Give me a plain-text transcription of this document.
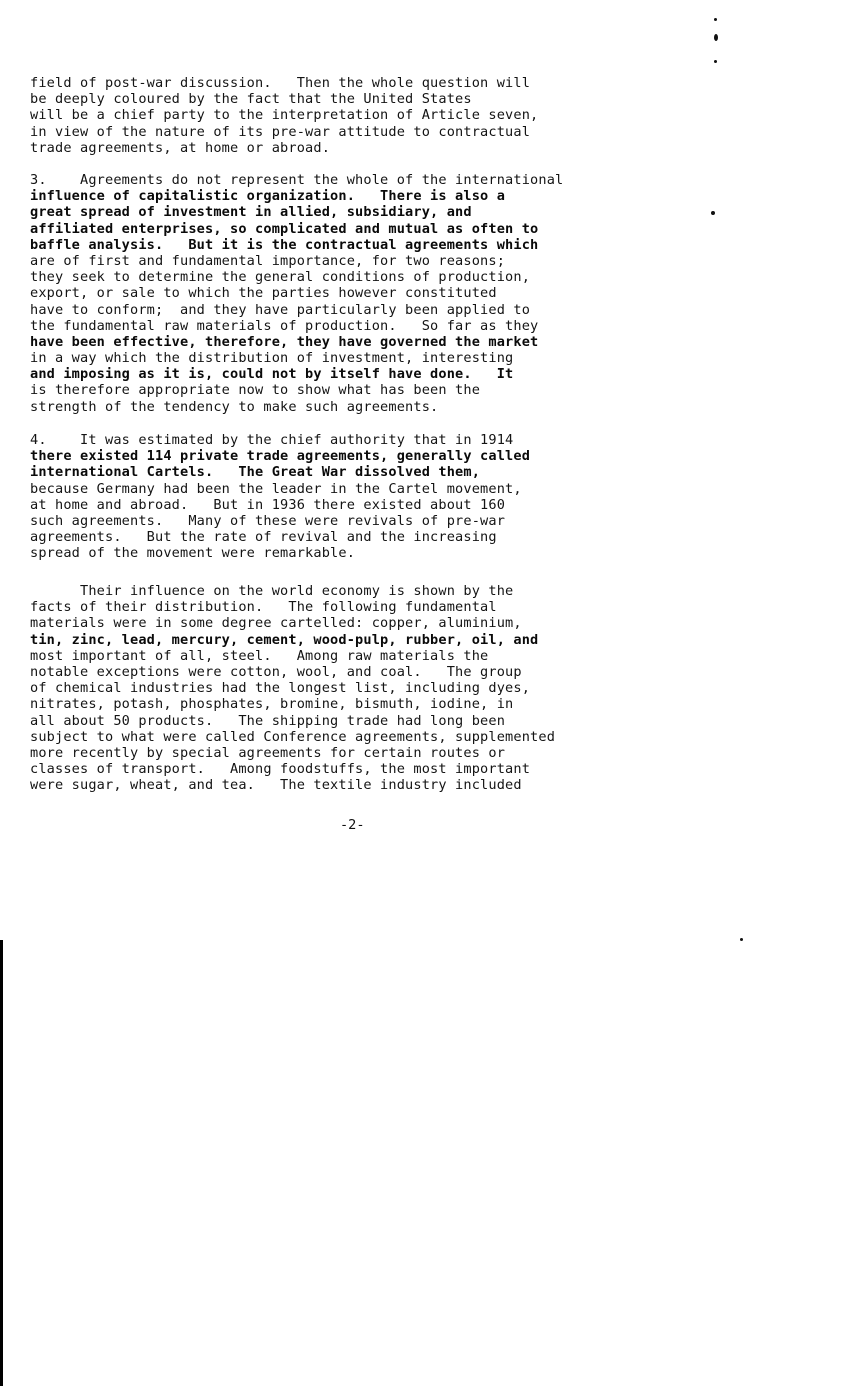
field of post-war discussion.   Then the whole question will
be deeply coloured by the fact that the United States
will be a chief party to the interpretation of Article seven,
in view of the nature of its pre-war attitude to contractual
trade agreements, at home or abroad.
3.    Agreements do not represent the whole of the international
influence of capitalistic organization.   There is also a
great spread of investment in allied, subsidiary, and
affiliated enterprises, so complicated and mutual as often to
baffle analysis.   But it is the contractual agreements which
are of first and fundamental importance, for two reasons;
they seek to determine the general conditions of production,
export, or sale to which the parties however constituted
have to conform;  and they have particularly been applied to
the fundamental raw materials of production.   So far as they
have been effective, therefore, they have governed the market
in a way which the distribution of investment, interesting
and imposing as it is, could not by itself have done.   It
is therefore appropriate now to show what has been the
strength of the tendency to make such agreements.
4.    It was estimated by the chief authority that in 1914
there existed 114 private trade agreements, generally called
international Cartels.   The Great War dissolved them,
because Germany had been the leader in the Cartel movement,
at home and abroad.   But in 1936 there existed about 160
such agreements.   Many of these were revivals of pre-war
agreements.   But the rate of revival and the increasing
spread of the movement were remarkable.
Their influence on the world economy is shown by the
facts of their distribution.   The following fundamental
materials were in some degree cartelled: copper, aluminium,
tin, zinc, lead, mercury, cement, wood-pulp, rubber, oil, and
most important of all, steel.   Among raw materials the
notable exceptions were cotton, wool, and coal.   The group
of chemical industries had the longest list, including dyes,
nitrates, potash, phosphates, bromine, bismuth, iodine, in
all about 50 products.   The shipping trade had long been
subject to what were called Conference agreements, supplemented
more recently by special agreements for certain routes or
classes of transport.   Among foodstuffs, the most important
were sugar, wheat, and tea.   The textile industry included
-2-
